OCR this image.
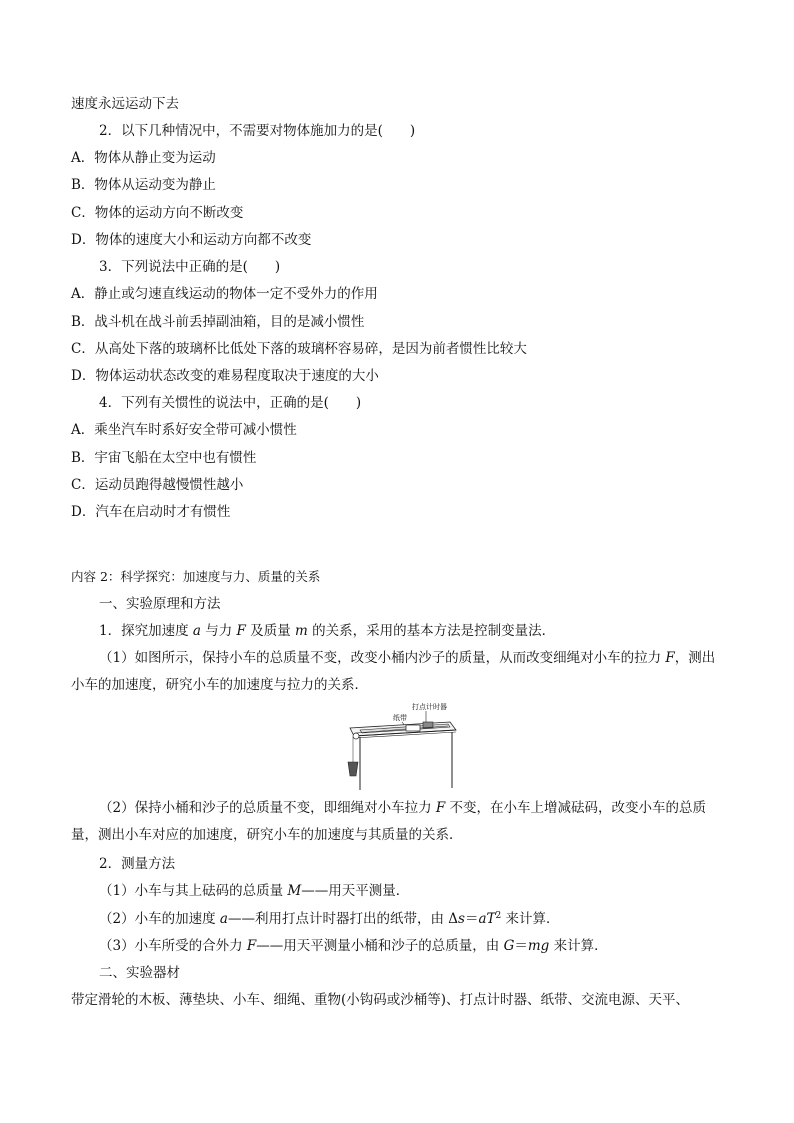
速度永远运动下去
2．以下几种情况中，不需要对物体施加力的是(　　)
A．物体从静止变为运动
B．物体从运动变为静止
C．物体的运动方向不断改变
D．物体的速度大小和运动方向都不改变
3．下列说法中正确的是(　　)
A．静止或匀速直线运动的物体一定不受外力的作用
B．战斗机在战斗前丢掉副油箱，目的是减小惯性
C．从高处下落的玻璃杯比低处下落的玻璃杯容易碎，是因为前者惯性比较大
D．物体运动状态改变的难易程度取决于速度的大小
4．下列有关惯性的说法中，正确的是(　　)
A．乘坐汽车时系好安全带可减小惯性
B．宇宙飞船在太空中也有惯性
C．运动员跑得越慢惯性越小
D．汽车在启动时才有惯性
内容 2：科学探究：加速度与力、质量的关系
一、实验原理和方法
1．探究加速度 a 与力 F 及质量 m 的关系，采用的基本方法是控制变量法．
（1）如图所示，保持小车的总质量不变，改变小桶内沙子的质量，从而改变细绳对小车的拉力 F，测出小车的加速度，研究小车的加速度与拉力的关系．
打点计时器
纸带
（2）保持小桶和沙子的总质量不变，即细绳对小车拉力 F 不变，在小车上增减砝码，改变小车的总质量，测出小车对应的加速度，研究小车的加速度与其质量的关系．
2．测量方法
（1）小车与其上砝码的总质量 M——用天平测量．
（2）小车的加速度 a——利用打点计时器打出的纸带，由 $\Delta s=aT^2$ 来计算．
（3）小车所受的合外力 F——用天平测量小桶和沙子的总质量，由 G＝mg 来计算．
二、实验器材
带定滑轮的木板、薄垫块、小车、细绳、重物(小钩码或沙桶等)、打点计时器、纸带、交流电源、天平、
